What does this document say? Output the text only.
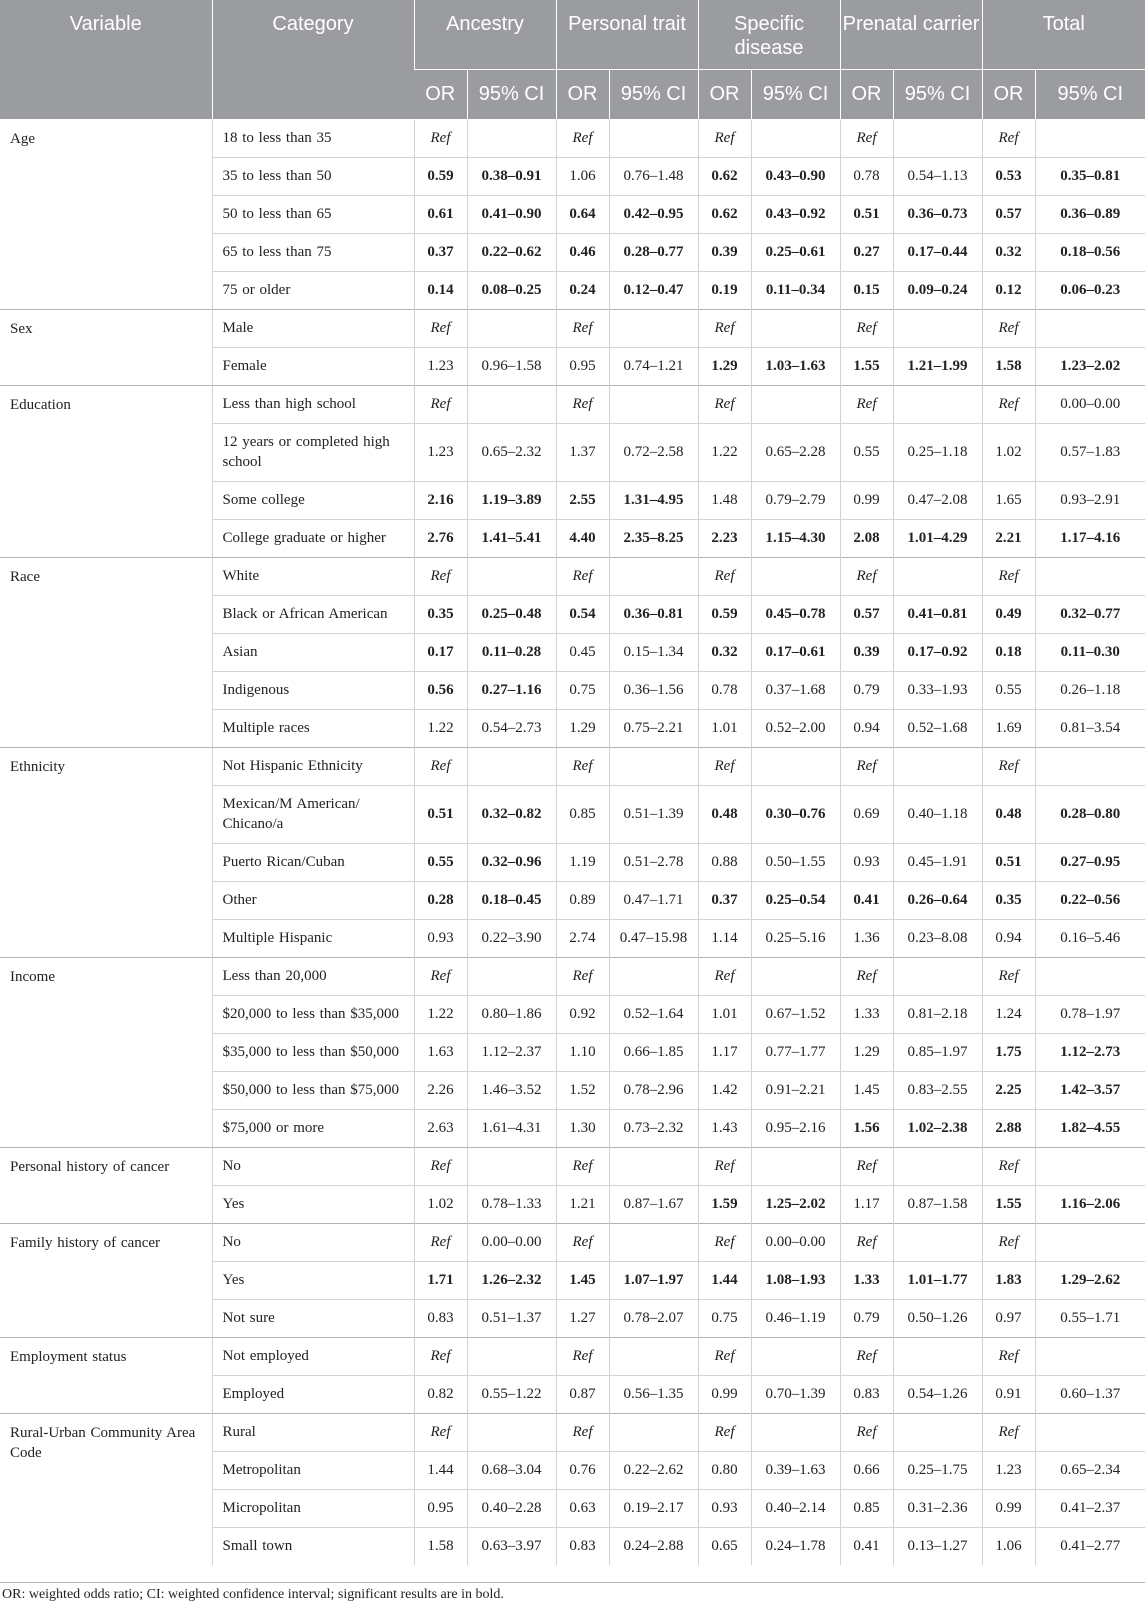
Variable	Category	Ancestry		Personal trait		Specific disease		Prenatal carrier		Total	
		OR	95% CI	OR	95% CI	OR	95% CI	OR	95% CI	OR	95% CI
Age	18 to less than 35	Ref		Ref		Ref		Ref		Ref	
	35 to less than 50	0.59	0.38–0.91	1.06	0.76–1.48	0.62	0.43–0.90	0.78	0.54–1.13	0.53	0.35–0.81
	50 to less than 65	0.61	0.41–0.90	0.64	0.42–0.95	0.62	0.43–0.92	0.51	0.36–0.73	0.57	0.36–0.89
	65 to less than 75	0.37	0.22–0.62	0.46	0.28–0.77	0.39	0.25–0.61	0.27	0.17–0.44	0.32	0.18–0.56
	75 or older	0.14	0.08–0.25	0.24	0.12–0.47	0.19	0.11–0.34	0.15	0.09–0.24	0.12	0.06–0.23
Sex	Male	Ref		Ref		Ref		Ref		Ref	
	Female	1.23	0.96–1.58	0.95	0.74–1.21	1.29	1.03–1.63	1.55	1.21–1.99	1.58	1.23–2.02
Education	Less than high school	Ref		Ref		Ref		Ref		Ref	0.00–0.00
	12 years or completed high school	1.23	0.65–2.32	1.37	0.72–2.58	1.22	0.65–2.28	0.55	0.25–1.18	1.02	0.57–1.83
	Some college	2.16	1.19–3.89	2.55	1.31–4.95	1.48	0.79–2.79	0.99	0.47–2.08	1.65	0.93–2.91
	College graduate or higher	2.76	1.41–5.41	4.40	2.35–8.25	2.23	1.15–4.30	2.08	1.01–4.29	2.21	1.17–4.16
Race	White	Ref		Ref		Ref		Ref		Ref	
	Black or African American	0.35	0.25–0.48	0.54	0.36–0.81	0.59	0.45–0.78	0.57	0.41–0.81	0.49	0.32–0.77
	Asian	0.17	0.11–0.28	0.45	0.15–1.34	0.32	0.17–0.61	0.39	0.17–0.92	0.18	0.11–0.30
	Indigenous	0.56	0.27–1.16	0.75	0.36–1.56	0.78	0.37–1.68	0.79	0.33–1.93	0.55	0.26–1.18
	Multiple races	1.22	0.54–2.73	1.29	0.75–2.21	1.01	0.52–2.00	0.94	0.52–1.68	1.69	0.81–3.54
Ethnicity	Not Hispanic Ethnicity	Ref		Ref		Ref		Ref		Ref	
	Mexican/M American/ Chicano/a	0.51	0.32–0.82	0.85	0.51–1.39	0.48	0.30–0.76	0.69	0.40–1.18	0.48	0.28–0.80
	Puerto Rican/Cuban	0.55	0.32–0.96	1.19	0.51–2.78	0.88	0.50–1.55	0.93	0.45–1.91	0.51	0.27–0.95
	Other	0.28	0.18–0.45	0.89	0.47–1.71	0.37	0.25–0.54	0.41	0.26–0.64	0.35	0.22–0.56
	Multiple Hispanic	0.93	0.22–3.90	2.74	0.47–15.98	1.14	0.25–5.16	1.36	0.23–8.08	0.94	0.16–5.46
Income	Less than 20,000	Ref		Ref		Ref		Ref		Ref	
	$20,000 to less than $35,000	1.22	0.80–1.86	0.92	0.52–1.64	1.01	0.67–1.52	1.33	0.81–2.18	1.24	0.78–1.97
	$35,000 to less than $50,000	1.63	1.12–2.37	1.10	0.66–1.85	1.17	0.77–1.77	1.29	0.85–1.97	1.75	1.12–2.73
	$50,000 to less than $75,000	2.26	1.46–3.52	1.52	0.78–2.96	1.42	0.91–2.21	1.45	0.83–2.55	2.25	1.42–3.57
	$75,000 or more	2.63	1.61–4.31	1.30	0.73–2.32	1.43	0.95–2.16	1.56	1.02–2.38	2.88	1.82–4.55
Personal history of cancer	No	Ref		Ref		Ref		Ref		Ref	
	Yes	1.02	0.78–1.33	1.21	0.87–1.67	1.59	1.25–2.02	1.17	0.87–1.58	1.55	1.16–2.06
Family history of cancer	No	Ref	0.00–0.00	Ref		Ref	0.00–0.00	Ref		Ref	
	Yes	1.71	1.26–2.32	1.45	1.07–1.97	1.44	1.08–1.93	1.33	1.01–1.77	1.83	1.29–2.62
	Not sure	0.83	0.51–1.37	1.27	0.78–2.07	0.75	0.46–1.19	0.79	0.50–1.26	0.97	0.55–1.71
Employment status	Not employed	Ref		Ref		Ref		Ref		Ref	
	Employed	0.82	0.55–1.22	0.87	0.56–1.35	0.99	0.70–1.39	0.83	0.54–1.26	0.91	0.60–1.37
Rural-Urban Community Area Code	Rural	Ref		Ref		Ref		Ref		Ref	
	Metropolitan	1.44	0.68–3.04	0.76	0.22–2.62	0.80	0.39–1.63	0.66	0.25–1.75	1.23	0.65–2.34
	Micropolitan	0.95	0.40–2.28	0.63	0.19–2.17	0.93	0.40–2.14	0.85	0.31–2.36	0.99	0.41–2.37
	Small town	1.58	0.63–3.97	0.83	0.24–2.88	0.65	0.24–1.78	0.41	0.13–1.27	1.06	0.41–2.77
OR: weighted odds ratio; CI: weighted confidence interval; significant results are in bold.
